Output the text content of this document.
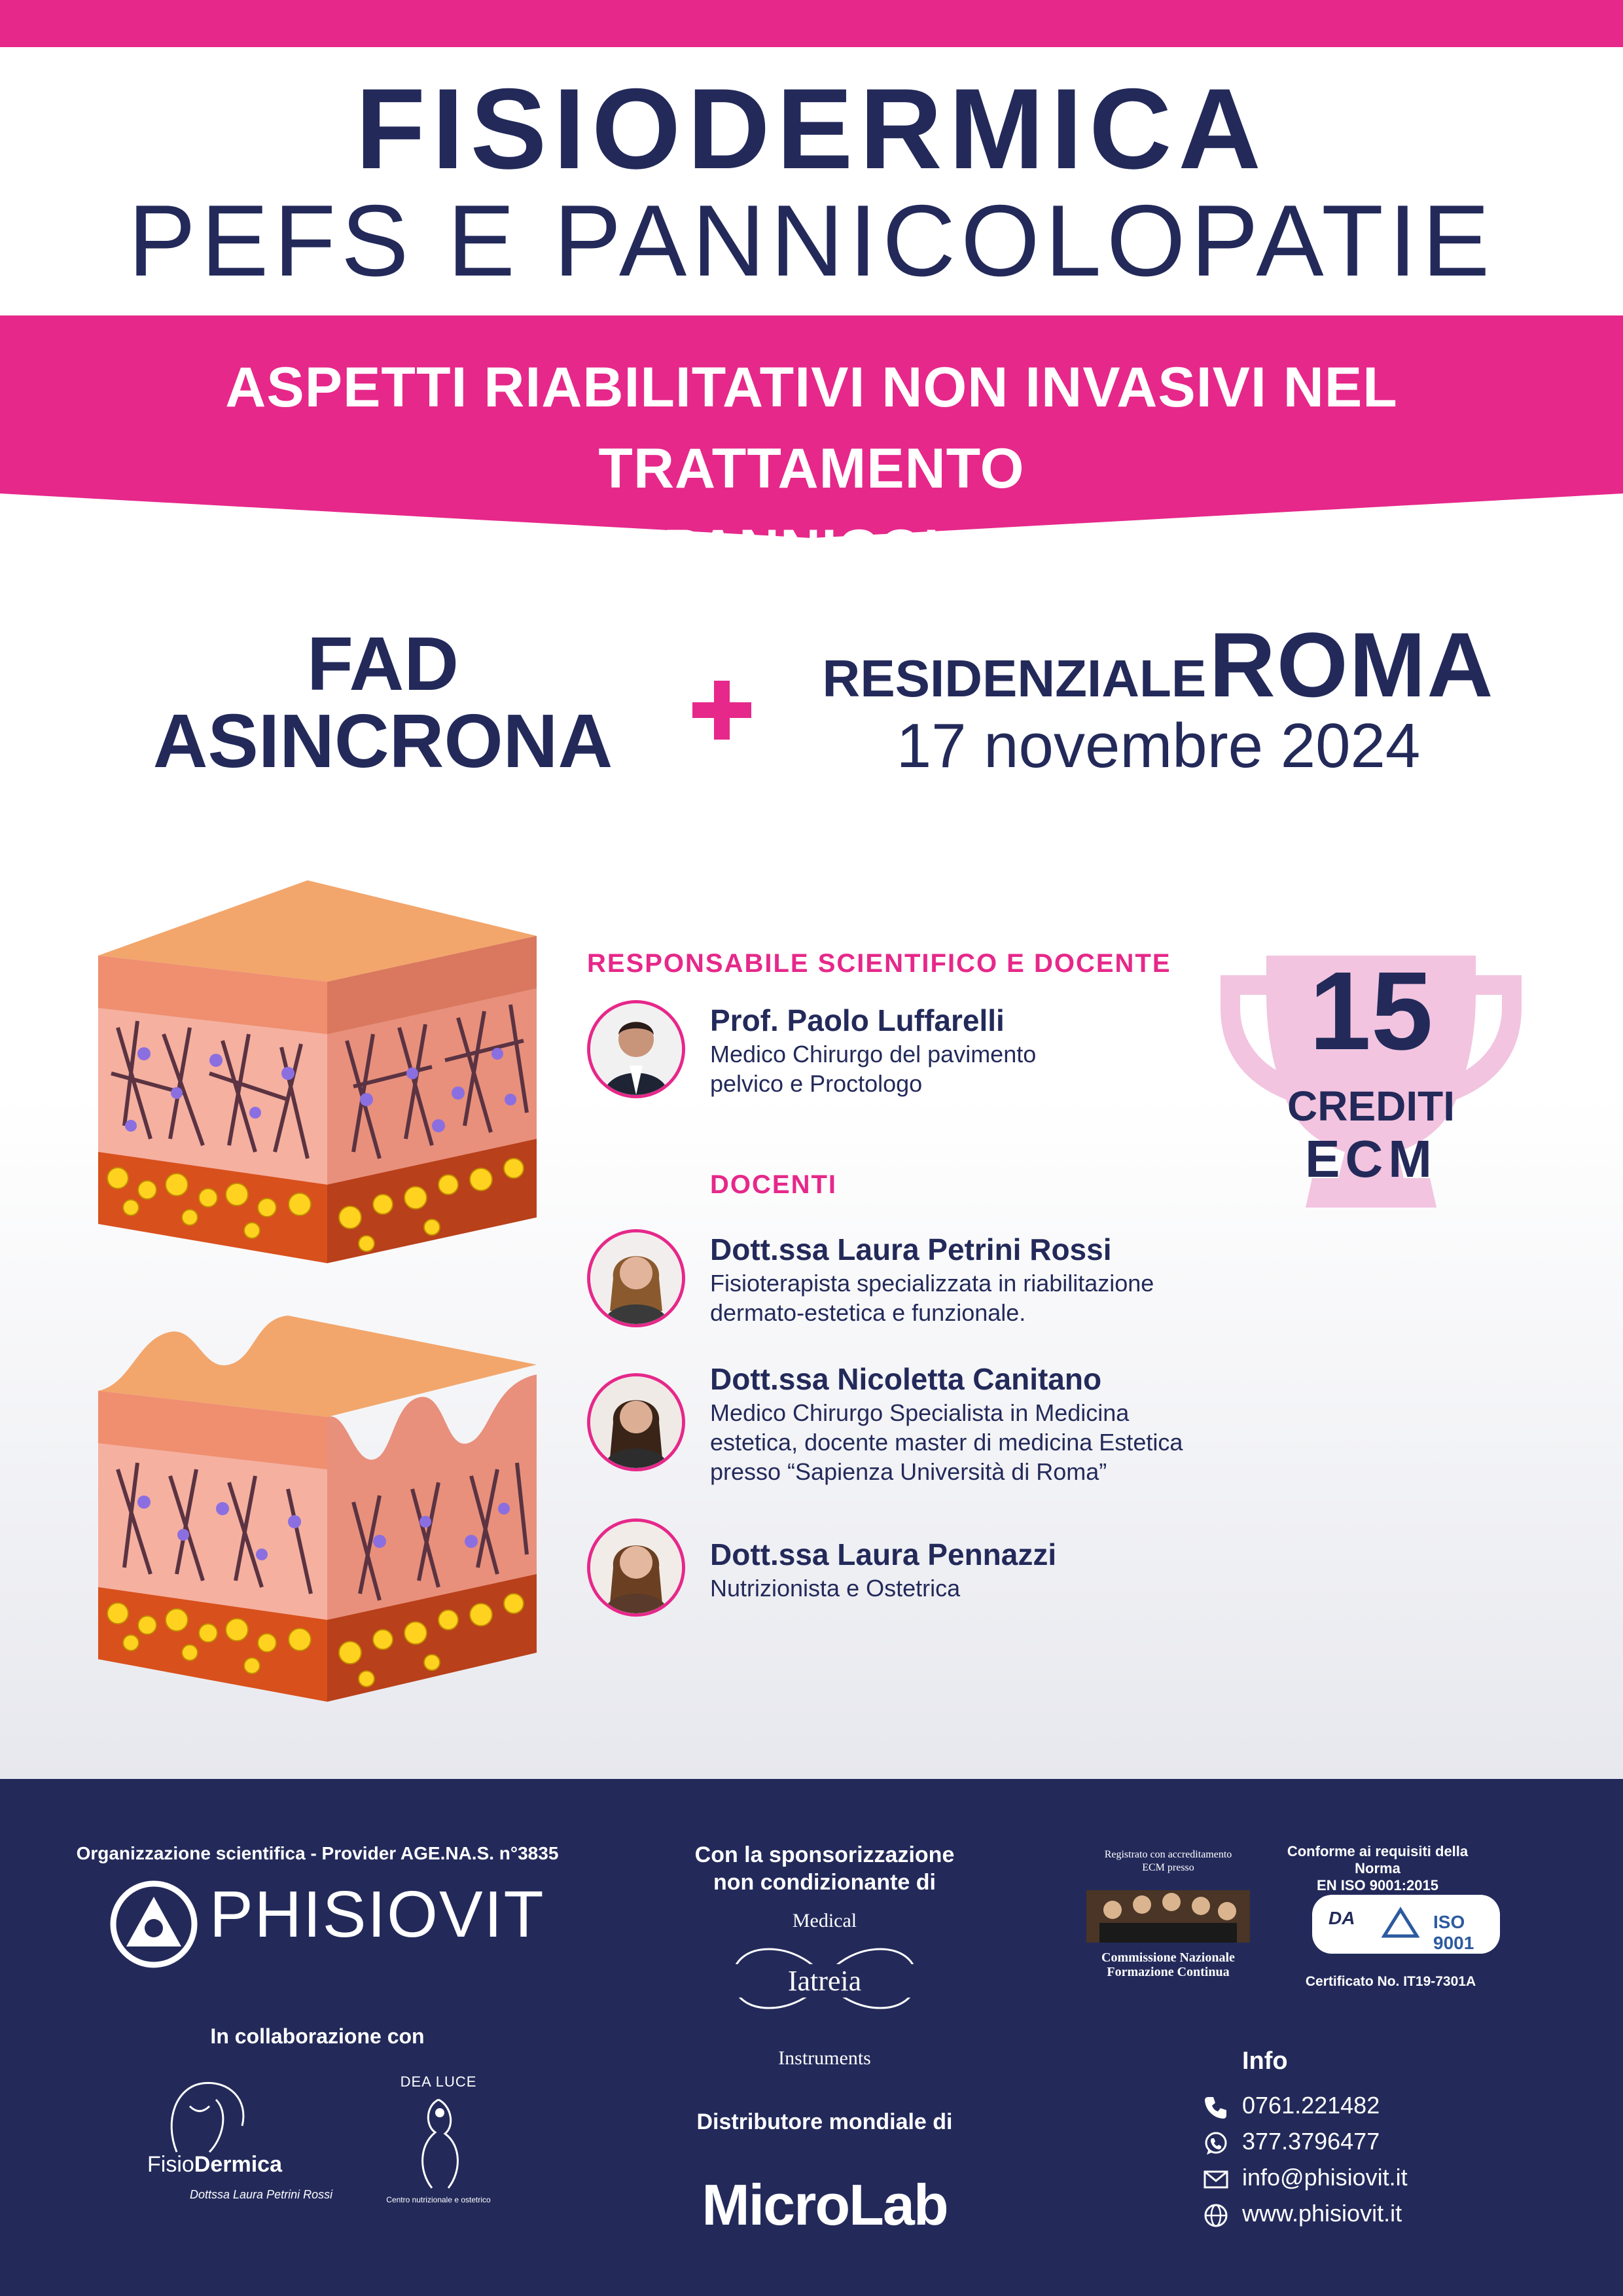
FISIODERMICA
PEFS E PANNICOLOPATIE
ASPETTI RIABILITATIVI NON INVASIVI NEL TRATTAMENTO
FAD
ASINCRONA
RESIDENZIALE ROMA
17 novembre 2024
RESPONSABILE SCIENTIFICO E DOCENTE
Prof. Paolo Luffarelli
Medico Chirurgo del pavimento
pelvico e Proctologo
DOCENTI
Dott.ssa Laura Petrini Rossi
Fisioterapista specializzata in riabilitazione
dermato-estetica e funzionale.
Dott.ssa Nicoletta Canitano
Medico Chirurgo Specialista in Medicina
estetica, docente master di medicina Estetica
presso “Sapienza Università di Roma”
Dott.ssa Laura Pennazzi
Nutrizionista e Ostetrica
15
CREDITI
ECM
Organizzazione scientifica - Provider AGE.NA.S. n°3835
PHISIOVIT
In collaborazione con
FisioDermica
Dottssa Laura Petrini Rossi
DEA LUCE
Centro nutrizionale e ostetrico
Con la sponsorizzazione
non condizionante di
Medical
Iatreia
Instruments
Distributore mondiale di
MicroLab
Registrato con accreditamento
ECM presso
Commissione Nazionale
Formazione Continua
Conforme ai requisiti della Norma
EN ISO 9001:2015
DA	ISO 9001
Certificato No. IT19-7301A
Info
0761.221482
377.3796477
info@phisiovit.it
www.phisiovit.it
